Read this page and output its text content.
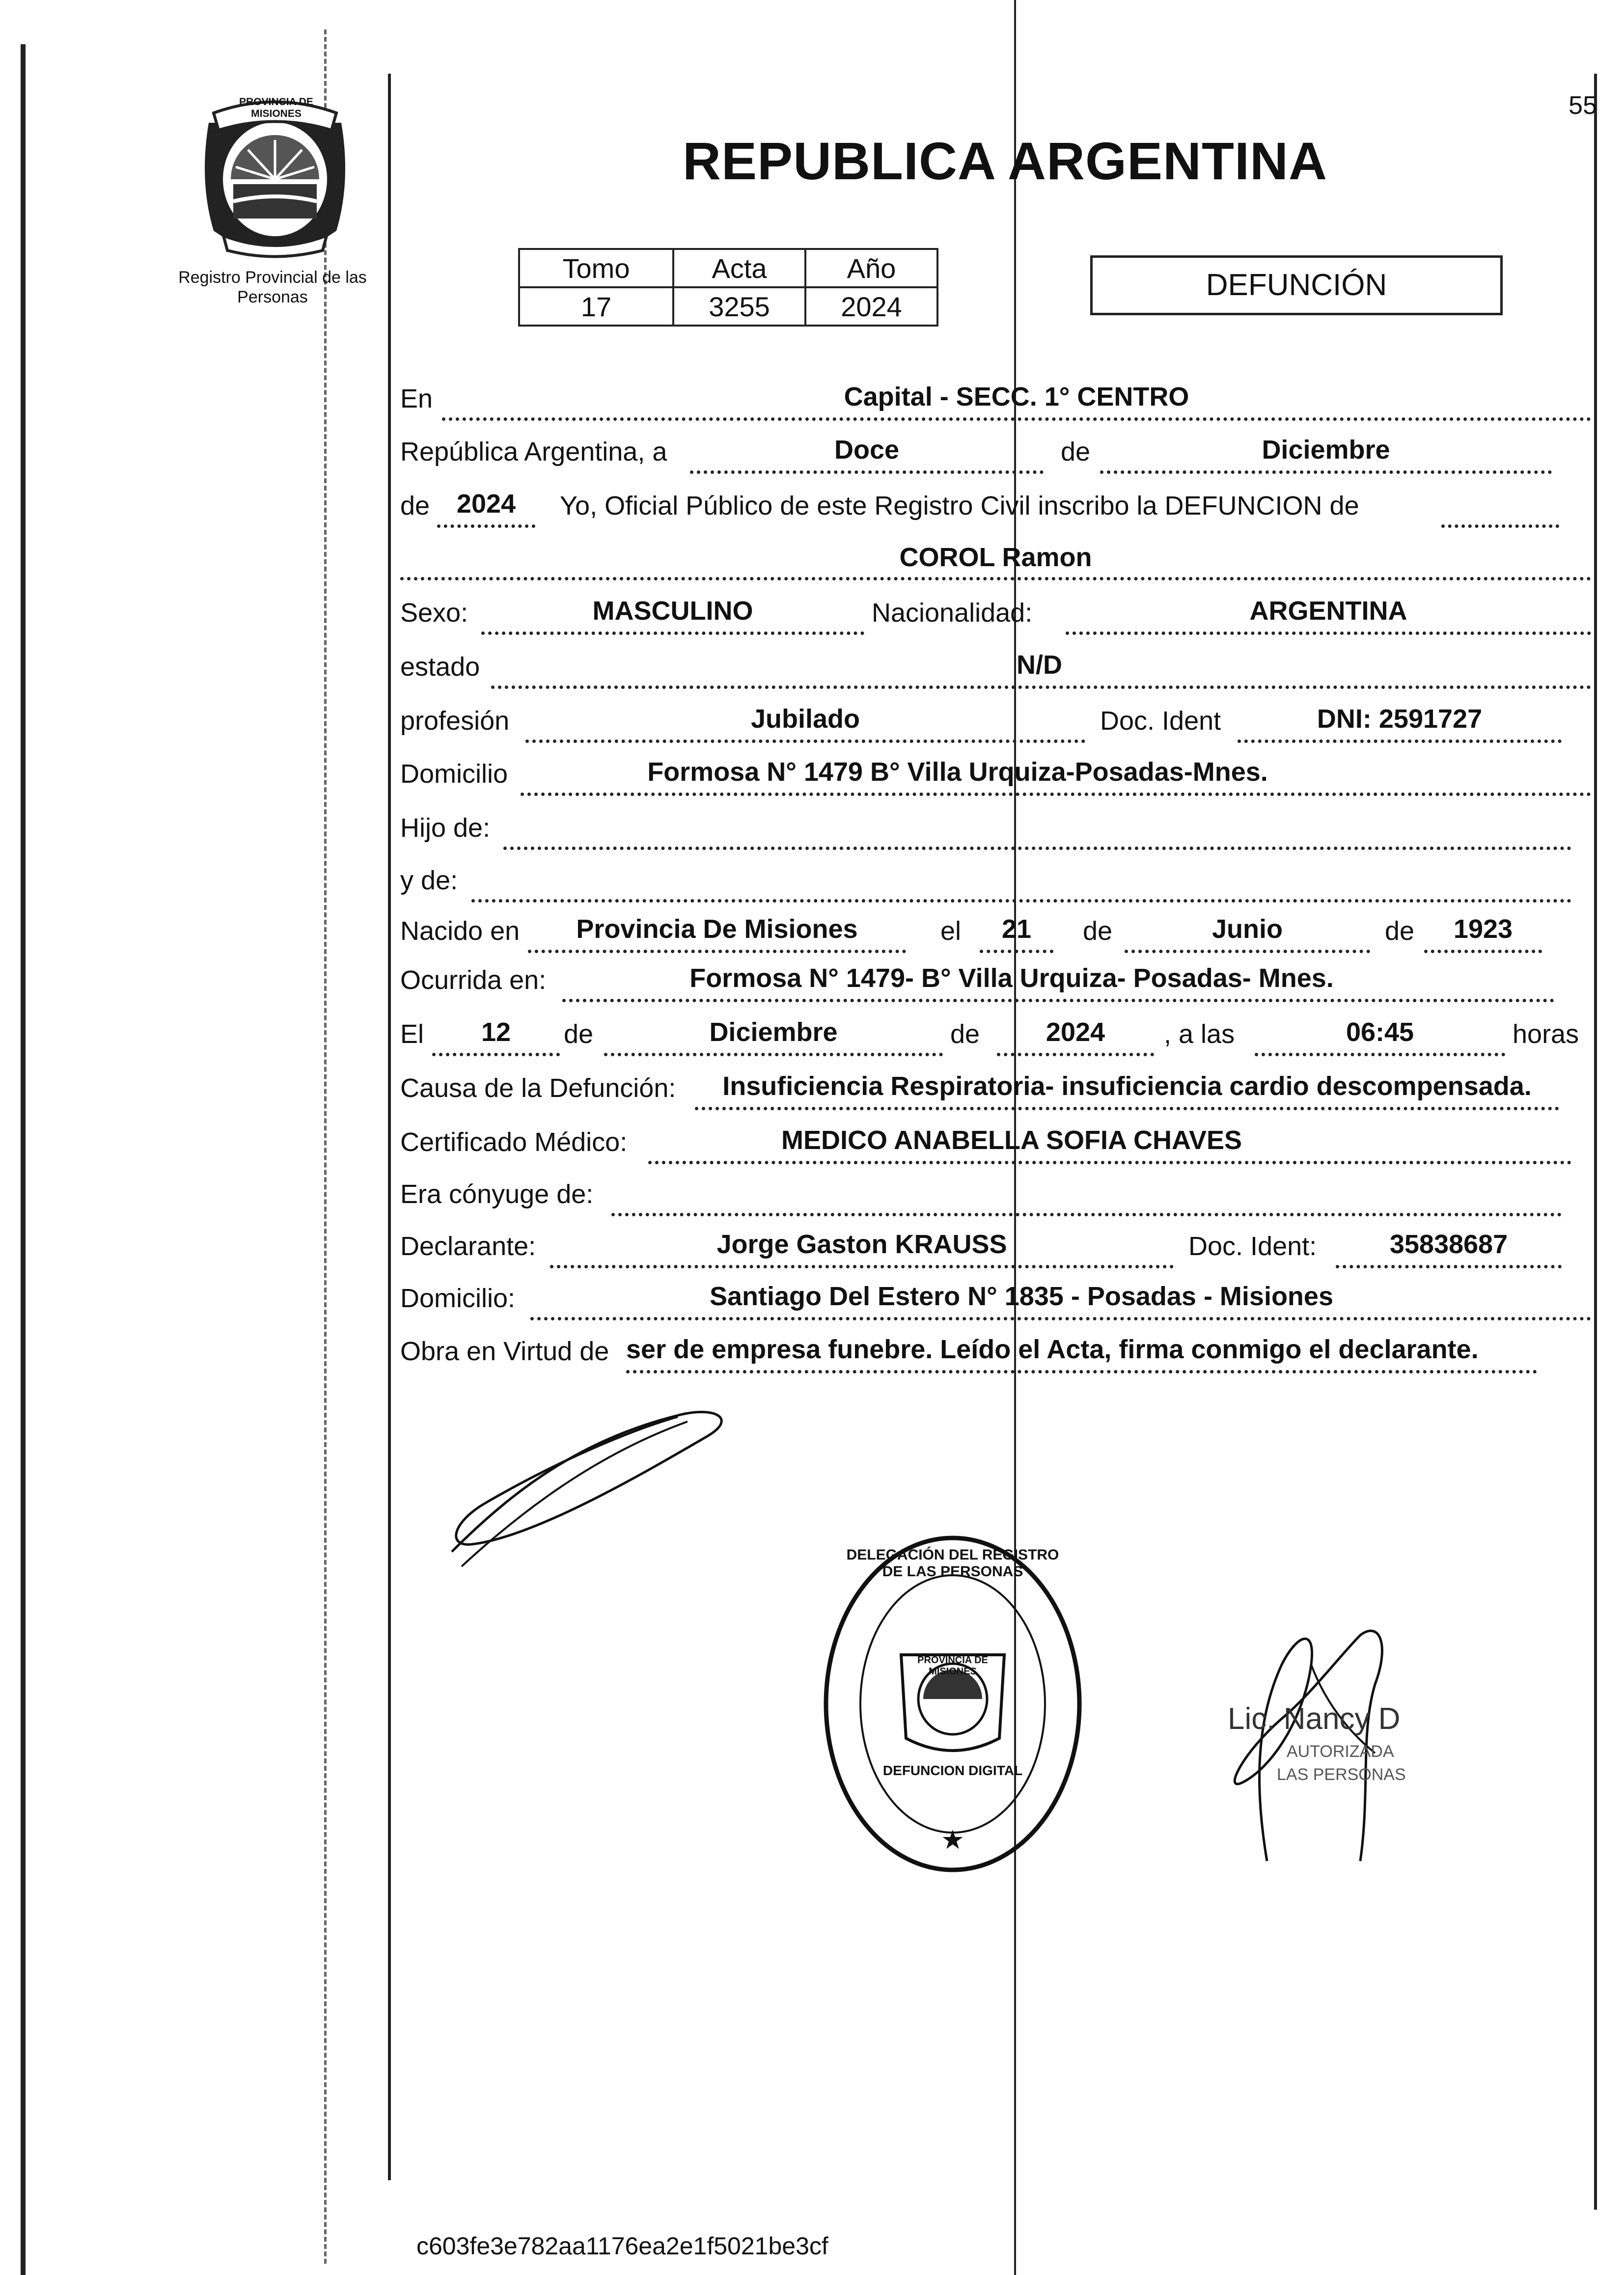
55
PROVINCIA DE MISIONES
Registro Provincial de las Personas
REPUBLICA ARGENTINA
Tomo	Acta	Año
17	3255	2024
DEFUNCIÓN
En	Capital - SECC. 1° CENTRO
República Argentina, a	Doce	de	Diciembre
de	2024	Yo, Oficial Público de este Registro Civil inscribo la DEFUNCION de
COROL Ramon
Sexo:	MASCULINO	Nacionalidad:	ARGENTINA
estado	N/D
profesión	Jubilado	Doc. Ident	DNI: 2591727
Domicilio	Formosa N° 1479 B° Villa Urquiza-Posadas-Mnes.
Hijo de:
y de:
Nacido en	Provincia De Misiones	el	21	de	Junio	de	1923
Ocurrida en:	Formosa N° 1479- B° Villa Urquiza- Posadas- Mnes.
El	12	de	Diciembre	de	2024	, a las	06:45	horas
Causa de la Defunción:	Insuficiencia Respiratoria- insuficiencia cardio descompensada.
Certificado Médico:	MEDICO ANABELLA SOFIA CHAVES
Era cónyuge de:
Declarante:	Jorge Gaston KRAUSS	Doc. Ident:	35838687
Domicilio:	Santiago Del Estero N° 1835 - Posadas - Misiones
Obra en Virtud de ser de empresa funebre. Leído el Acta, firma conmigo el declarante.
★
DELEGACIÓN DEL REGISTRO DE LAS PERSONAS
PROVINCIA DE MISIONES
DEFUNCION DIGITAL
Lic. Nancy D
AUTORIZADA
LAS PERSONAS
c603fe3e782aa1176ea2e1f5021be3cf
